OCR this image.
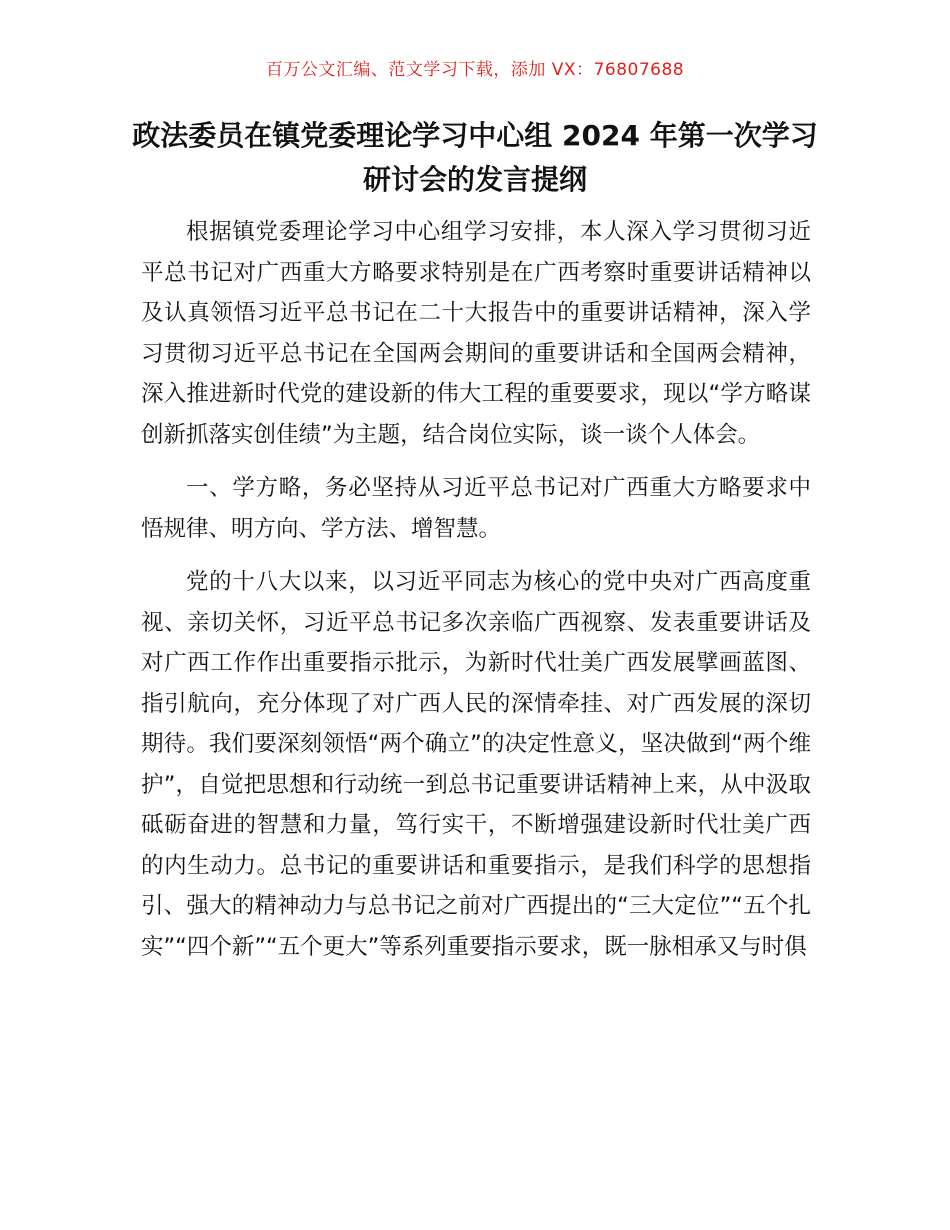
百万公文汇编、范文学习下载，添加 VX：76807688
政法委员在镇党委理论学习中心组 2024 年第一次学习研讨会的发言提纲

根据镇党委理论学习中心组学习安排，本人深入学习贯彻习近平总书记对广西重大方略要求特别是在广西考察时重要讲话精神以及认真领悟习近平总书记在二十大报告中的重要讲话精神，深入学习贯彻习近平总书记在全国两会期间的重要讲话和全国两会精神，深入推进新时代党的建设新的伟大工程的重要要求，现以“学方略谋创新抓落实创佳绩”为主题，结合岗位实际，谈一谈个人体会。

一、学方略，务必坚持从习近平总书记对广西重大方略要求中悟规律、明方向、学方法、增智慧。

党的十八大以来，以习近平同志为核心的党中央对广西高度重视、亲切关怀，习近平总书记多次亲临广西视察、发表重要讲话及对广西工作作出重要指示批示，为新时代壮美广西发展擘画蓝图、指引航向，充分体现了对广西人民的深情牵挂、对广西发展的深切期待。我们要深刻领悟“两个确立”的决定性意义，坚决做到“两个维护”，自觉把思想和行动统一到总书记重要讲话精神上来，从中汲取砥砺奋进的智慧和力量，笃行实干，不断增强建设新时代壮美广西的内生动力。总书记的重要讲话和重要指示，是我们科学的思想指引、强大的精神动力与总书记之前对广西提出的“三大定位”“五个扎实”“四个新”“五个更大”等系列重要指示要求，既一脉相承又与时俱
